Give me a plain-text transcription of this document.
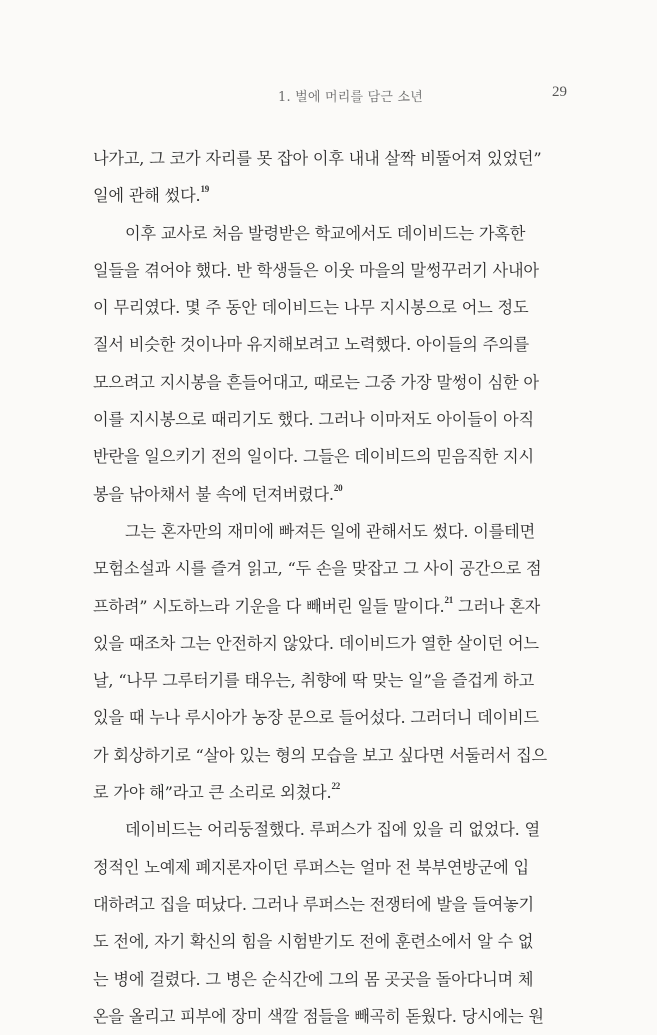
1. 벌에 머리를 담근 소년	29
나가고, 그 코가 자리를 못 잡아 이후 내내 살짝 비뚤어져 있었던”
일에 관해 썼다.$^{19}$
이후 교사로 처음 발령받은 학교에서도 데이비드는 가혹한
일들을 겪어야 했다. 반 학생들은 이웃 마을의 말썽꾸러기 사내아
이 무리였다. 몇 주 동안 데이비드는 나무 지시봉으로 어느 정도
질서 비슷한 것이나마 유지해보려고 노력했다. 아이들의 주의를
모으려고 지시봉을 흔들어대고, 때로는 그중 가장 말썽이 심한 아
이를 지시봉으로 때리기도 했다. 그러나 이마저도 아이들이 아직
반란을 일으키기 전의 일이다. 그들은 데이비드의 믿음직한 지시
봉을 낚아채서 불 속에 던져버렸다.$^{20}$
그는 혼자만의 재미에 빠져든 일에 관해서도 썼다. 이를테면
모험소설과 시를 즐겨 읽고, “두 손을 맞잡고 그 사이 공간으로 점
프하려” 시도하느라 기운을 다 빼버린 일들 말이다.$^{21}$ 그러나 혼자
있을 때조차 그는 안전하지 않았다. 데이비드가 열한 살이던 어느
날, “나무 그루터기를 태우는, 취향에 딱 맞는 일”을 즐겁게 하고
있을 때 누나 루시아가 농장 문으로 들어섰다. 그러더니 데이비드
가 회상하기로 “살아 있는 형의 모습을 보고 싶다면 서둘러서 집으
로 가야 해”라고 큰 소리로 외쳤다.$^{22}$
데이비드는 어리둥절했다. 루퍼스가 집에 있을 리 없었다. 열
정적인 노예제 폐지론자이던 루퍼스는 얼마 전 북부연방군에 입
대하려고 집을 떠났다. 그러나 루퍼스는 전쟁터에 발을 들여놓기
도 전에, 자기 확신의 힘을 시험받기도 전에 훈련소에서 알 수 없
는 병에 걸렸다. 그 병은 순식간에 그의 몸 곳곳을 돌아다니며 체
온을 올리고 피부에 장미 색깔 점들을 빼곡히 돋웠다. 당시에는 원
